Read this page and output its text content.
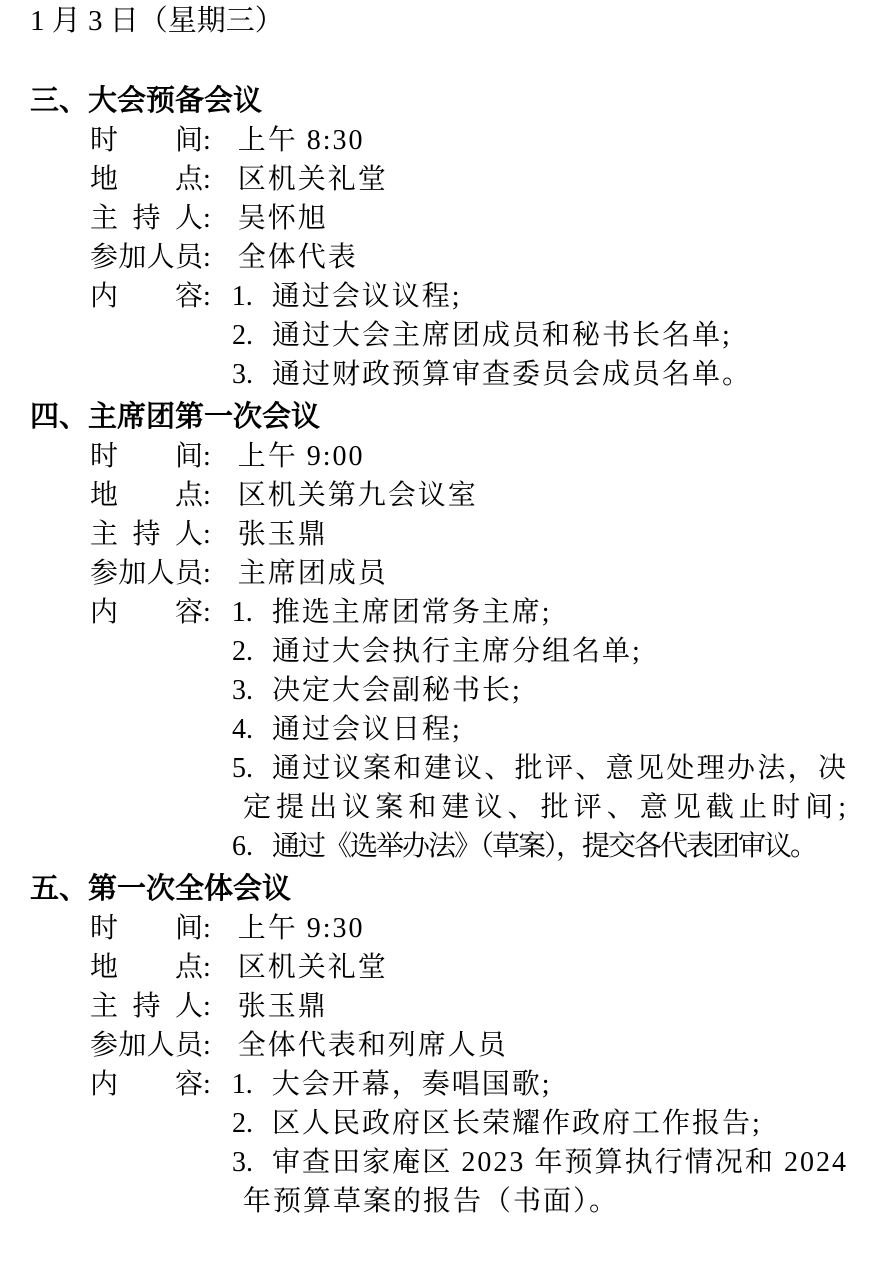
1 月 3 日（星期三）
三、大会预备会议
时间: 上午 8:30
地点: 区机关礼堂
主持人: 吴怀旭
参加人员: 全体代表
内容: 1. 通过会议议程;
2. 通过大会主席团成员和秘书长名单;
3. 通过财政预算审查委员会成员名单。
四、主席团第一次会议
时间: 上午 9:00
地点: 区机关第九会议室
主持人: 张玉鼎
参加人员: 主席团成员
内容: 1. 推选主席团常务主席;
2. 通过大会执行主席分组名单;
3. 决定大会副秘书长;
4. 通过会议日程;
5. 通过议案和建议、批评、意见处理办法，决
定提出议案和建议、批评、意见截止时间;
6. 通过《选举办法》（草案），提交各代表团审议。
五、第一次全体会议
时间: 上午 9:30
地点: 区机关礼堂
主持人: 张玉鼎
参加人员: 全体代表和列席人员
内容: 1. 大会开幕，奏唱国歌;
2. 区人民政府区长荣耀作政府工作报告;
3. 审查田家庵区 2023 年预算执行情况和 2024
年预算草案的报告（书面）。
